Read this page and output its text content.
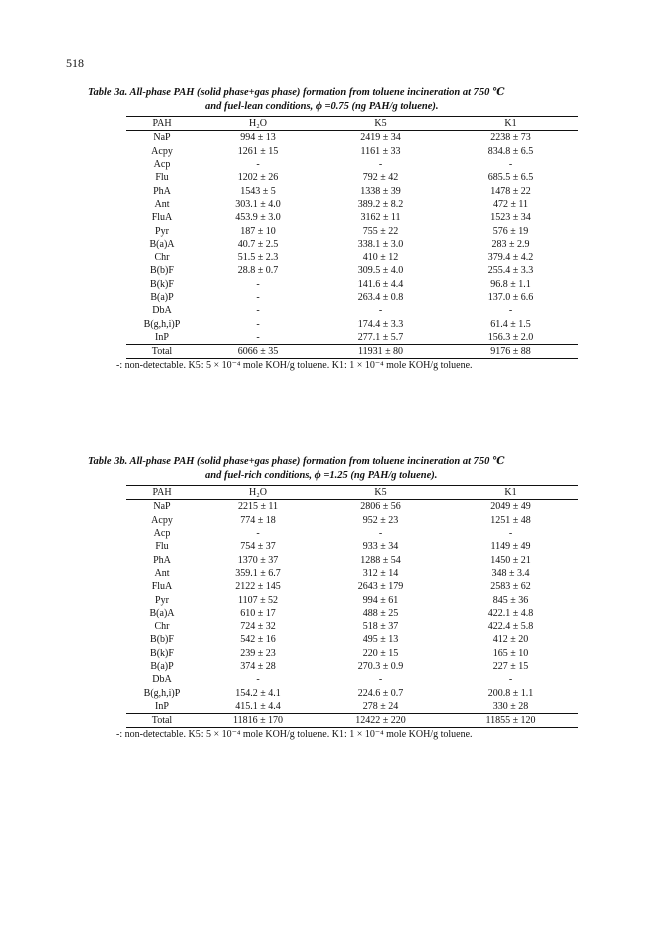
518
Table 3a. All-phase PAH (solid phase+gas phase) formation from toluene incineration at 750 ℃
and fuel-lean conditions, ϕ =0.75 (ng PAH/g toluene).
PAH	H₂O	K5	K1
NaP	994 ± 13	2419 ± 34	2238 ± 73
Acpy	1261 ± 15	1161 ± 33	834.8 ± 6.5
Acp	-	-	-
Flu	1202 ± 26	792 ± 42	685.5 ± 6.5
PhA	1543 ± 5	1338 ± 39	1478 ± 22
Ant	303.1 ± 4.0	389.2 ± 8.2	472 ± 11
FluA	453.9 ± 3.0	3162 ± 11	1523 ± 34
Pyr	187 ± 10	755 ± 22	576 ± 19
B(a)A	40.7 ± 2.5	338.1 ± 3.0	283 ± 2.9
Chr	51.5 ± 2.3	410 ± 12	379.4 ± 4.2
B(b)F	28.8 ± 0.7	309.5 ± 4.0	255.4 ± 3.3
B(k)F	-	141.6 ± 4.4	96.8 ± 1.1
B(a)P	-	263.4 ± 0.8	137.0 ± 6.6
DbA	-	-	-
B(g,h,i)P	-	174.4 ± 3.3	61.4 ± 1.5
InP	-	277.1 ± 5.7	156.3 ± 2.0
Total	6066 ± 35	11931 ± 80	9176 ± 88
-: non-detectable. K5: 5 × 10⁻⁴ mole KOH/g toluene. K1: 1 × 10⁻⁴ mole KOH/g toluene.
Table 3b. All-phase PAH (solid phase+gas phase) formation from toluene incineration at 750 ℃
and fuel-rich conditions, ϕ =1.25 (ng PAH/g toluene).
PAH	H₂O	K5	K1
NaP	2215 ± 11	2806 ± 56	2049 ± 49
Acpy	774 ± 18	952 ± 23	1251 ± 48
Acp	-	-	-
Flu	754 ± 37	933 ± 34	1149 ± 49
PhA	1370 ± 37	1288 ± 54	1450 ± 21
Ant	359.1 ± 6.7	312 ± 14	348 ± 3.4
FluA	2122 ± 145	2643 ± 179	2583 ± 62
Pyr	1107 ± 52	994 ± 61	845 ± 36
B(a)A	610 ± 17	488 ± 25	422.1 ± 4.8
Chr	724 ± 32	518 ± 37	422.4 ± 5.8
B(b)F	542 ± 16	495 ± 13	412 ± 20
B(k)F	239 ± 23	220 ± 15	165 ± 10
B(a)P	374 ± 28	270.3 ± 0.9	227 ± 15
DbA	-	-	-
B(g,h,i)P	154.2 ± 4.1	224.6 ± 0.7	200.8 ± 1.1
InP	415.1 ± 4.4	278 ± 24	330 ± 28
Total	11816 ± 170	12422 ± 220	11855 ± 120
-: non-detectable. K5: 5 × 10⁻⁴ mole KOH/g toluene. K1: 1 × 10⁻⁴ mole KOH/g toluene.
